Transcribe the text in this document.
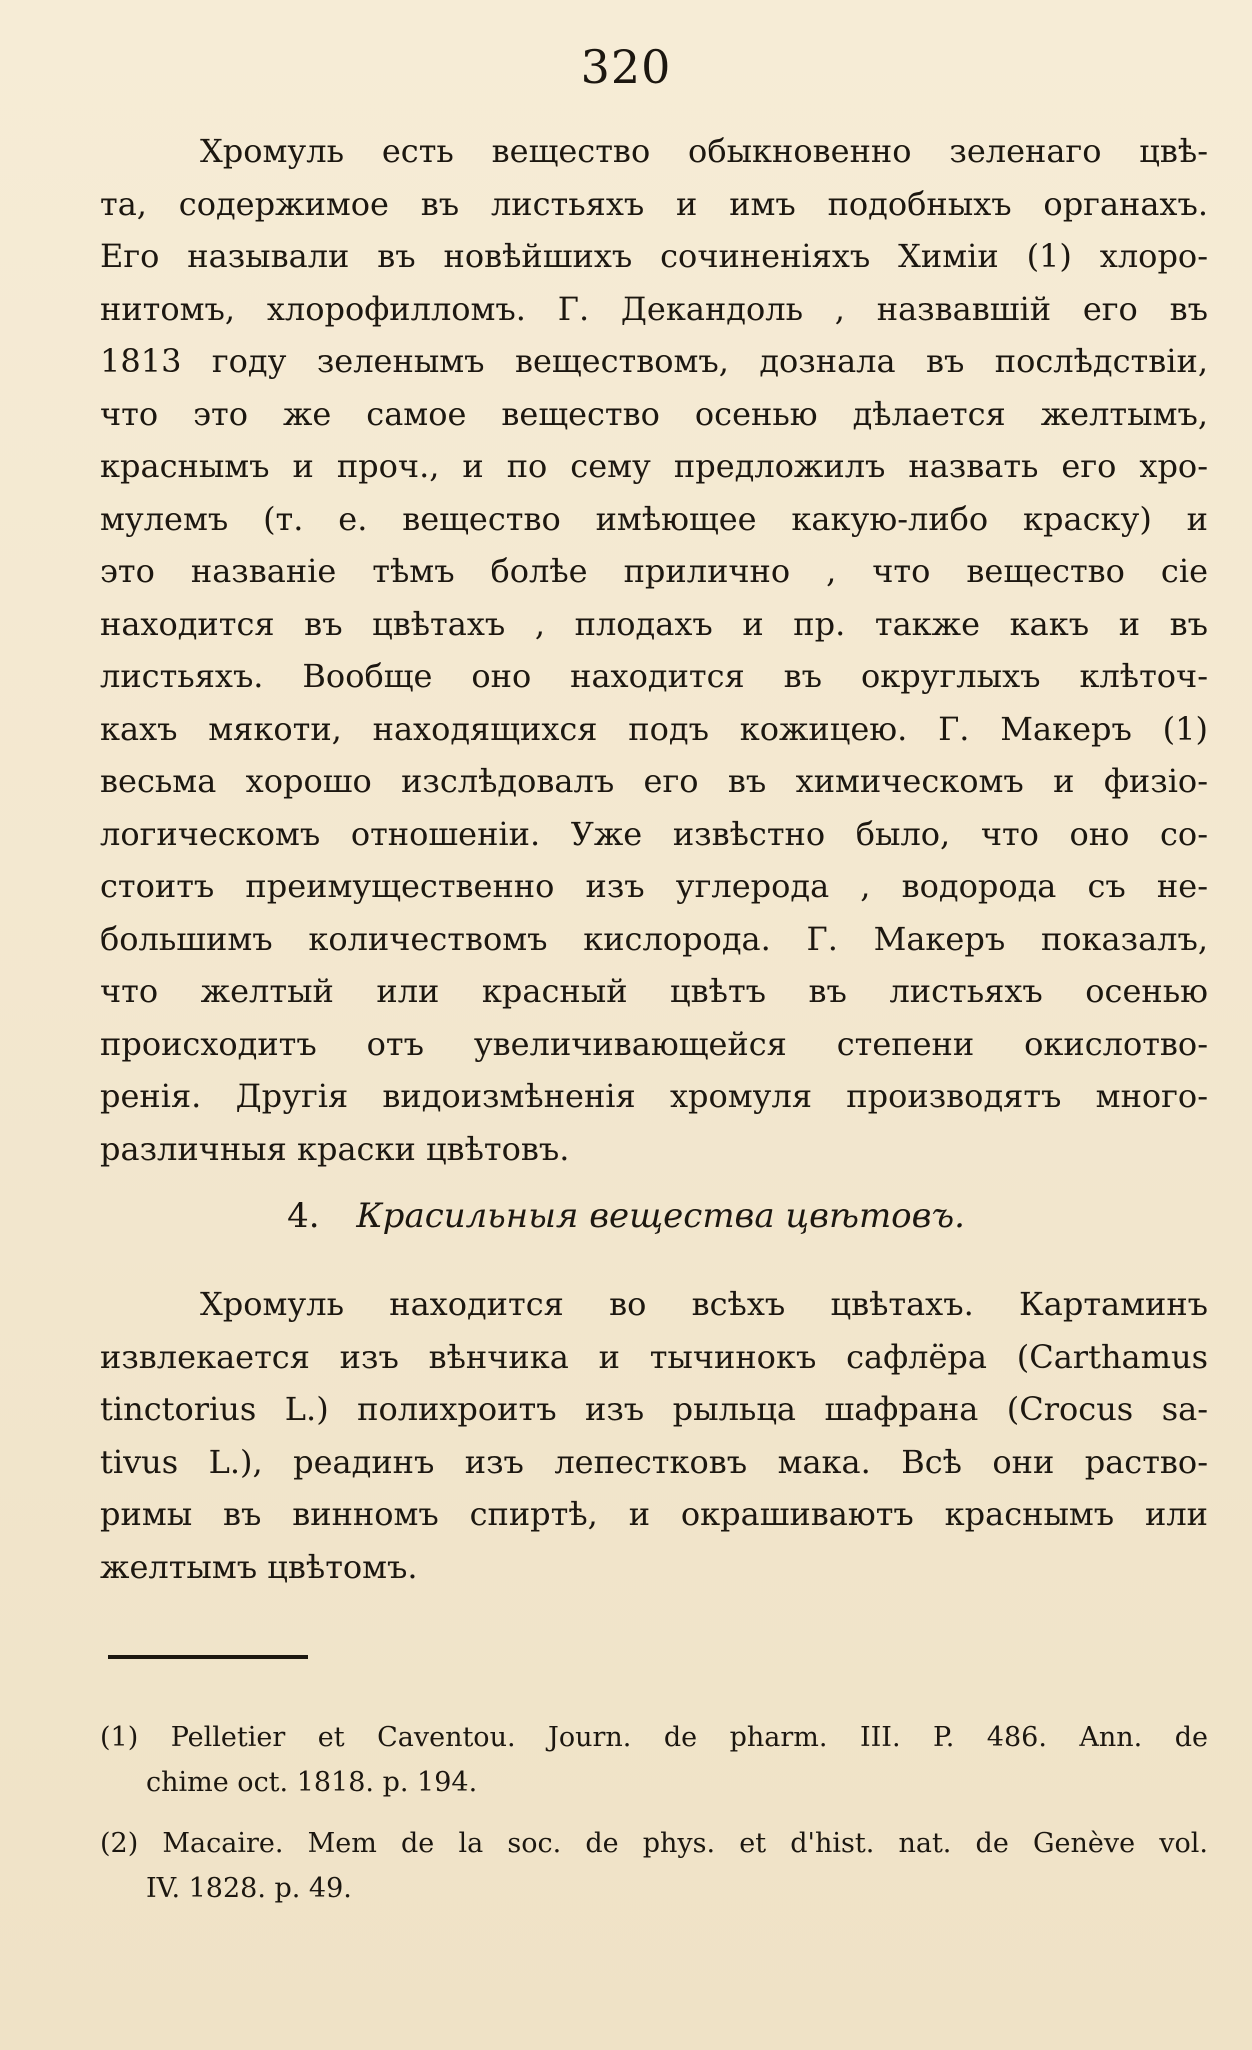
320
Хромуль есть вещество обыкновенно зеленаго цвѣ-
та, содержимое въ листьяхъ и имъ подобныхъ органахъ.
Его называли въ новѣйшихъ сочиненіяхъ Химіи (1) хлоро-
нитомъ, хлорофилломъ. Г. Декандоль , назвавшій его въ
1813 году зеленымъ веществомъ, дознала въ послѣдствіи,
что это же самое вещество осенью дѣлается желтымъ,
краснымъ и проч., и по сему предложилъ назвать его хро-
мулемъ (т. е. вещество имѣющее какую-либо краску) и
это названіе тѣмъ болѣе прилично , что вещество сіе
находится въ цвѣтахъ , плодахъ и пр. также какъ и въ
листьяхъ. Вообще оно находится въ округлыхъ клѣточ-
кахъ мякоти, находящихся подъ кожицею. Г. Макеръ (1)
весьма хорошо изслѣдовалъ его въ химическомъ и физіо-
логическомъ отношеніи. Уже извѣстно было, что оно со-
стоитъ преимущественно изъ углерода , водорода съ не-
большимъ количествомъ кислорода. Г. Макеръ показалъ,
что желтый или красный цвѣтъ въ листьяхъ осенью
происходитъ отъ увеличивающейся степени окислотво-
ренія. Другія видоизмѣненія хромуля производятъ много-
различныя краски цвѣтовъ.
4. Красильныя вещества цвѣтовъ.
Хромуль находится во всѣхъ цвѣтахъ. Картаминъ
извлекается изъ вѣнчика и тычинокъ сафлёра (Carthamus
tinctorius L.) полихроитъ изъ рыльца шафрана (Crocus sa-
tivus L.), реадинъ изъ лепестковъ мака. Всѣ они раство-
римы въ винномъ спиртѣ, и окрашиваютъ краснымъ или
желтымъ цвѣтомъ.
(1) Pelletier et Caventou. Journ. de pharm. III. P. 486. Ann. de
chime oct. 1818. p. 194.
(2) Macaire. Mem de la soc. de phys. et d'hist. nat. de Genève vol.
IV. 1828. p. 49.
